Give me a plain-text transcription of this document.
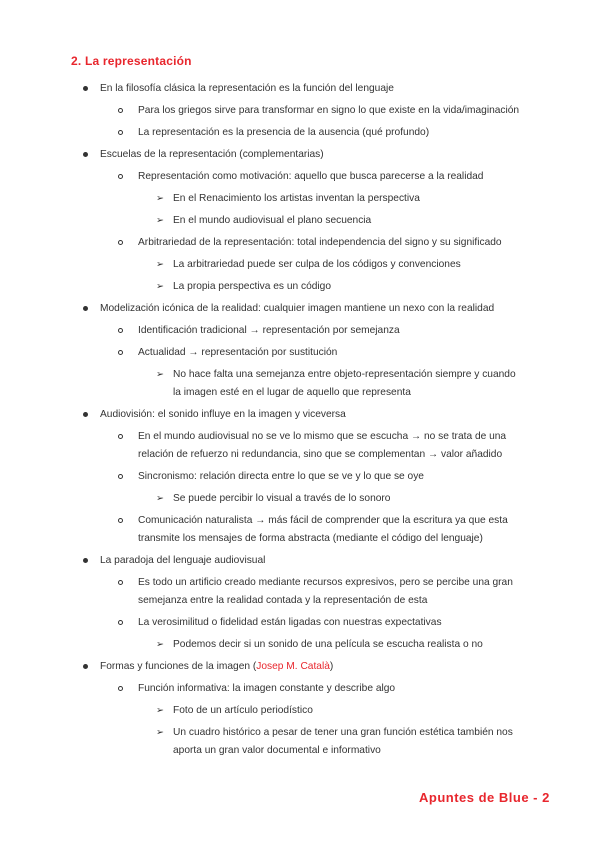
2. La representación
En la filosofía clásica la representación es la función del lenguaje
Para los griegos sirve para transformar en signo lo que existe en la vida/imaginación
La representación es la presencia de la ausencia (qué profundo)
Escuelas de la representación (complementarias)
Representación como motivación: aquello que busca parecerse a la realidad
➢ En el Renacimiento los artistas inventan la perspectiva
➢ En el mundo audiovisual el plano secuencia
Arbitrariedad de la representación: total independencia del signo y su significado
➢ La arbitrariedad puede ser culpa de los códigos y convenciones
➢ La propia perspectiva es un código
Modelización icónica de la realidad: cualquier imagen mantiene un nexo con la realidad
Identificación tradicional → representación por semejanza
Actualidad → representación por sustitución
➢ No hace falta una semejanza entre objeto-representación siempre y cuando
la imagen esté en el lugar de aquello que representa
Audiovisión: el sonido influye en la imagen y viceversa
En el mundo audiovisual no se ve lo mismo que se escucha → no se trata de una
relación de refuerzo ni redundancia, sino que se complementan → valor añadido
Sincronismo: relación directa entre lo que se ve y lo que se oye
➢ Se puede percibir lo visual a través de lo sonoro
Comunicación naturalista → más fácil de comprender que la escritura ya que esta
transmite los mensajes de forma abstracta (mediante el código del lenguaje)
La paradoja del lenguaje audiovisual
Es todo un artificio creado mediante recursos expresivos, pero se percibe una gran
semejanza entre la realidad contada y la representación de esta
La verosimilitud o fidelidad están ligadas con nuestras expectativas
➢ Podemos decir si un sonido de una película se escucha realista o no
Formas y funciones de la imagen (Josep M. Català)
Función informativa: la imagen constante y describe algo
➢ Foto de un artículo periodístico
➢ Un cuadro histórico a pesar de tener una gran función estética también nos
aporta un gran valor documental e informativo
Apuntes de Blue - 2
